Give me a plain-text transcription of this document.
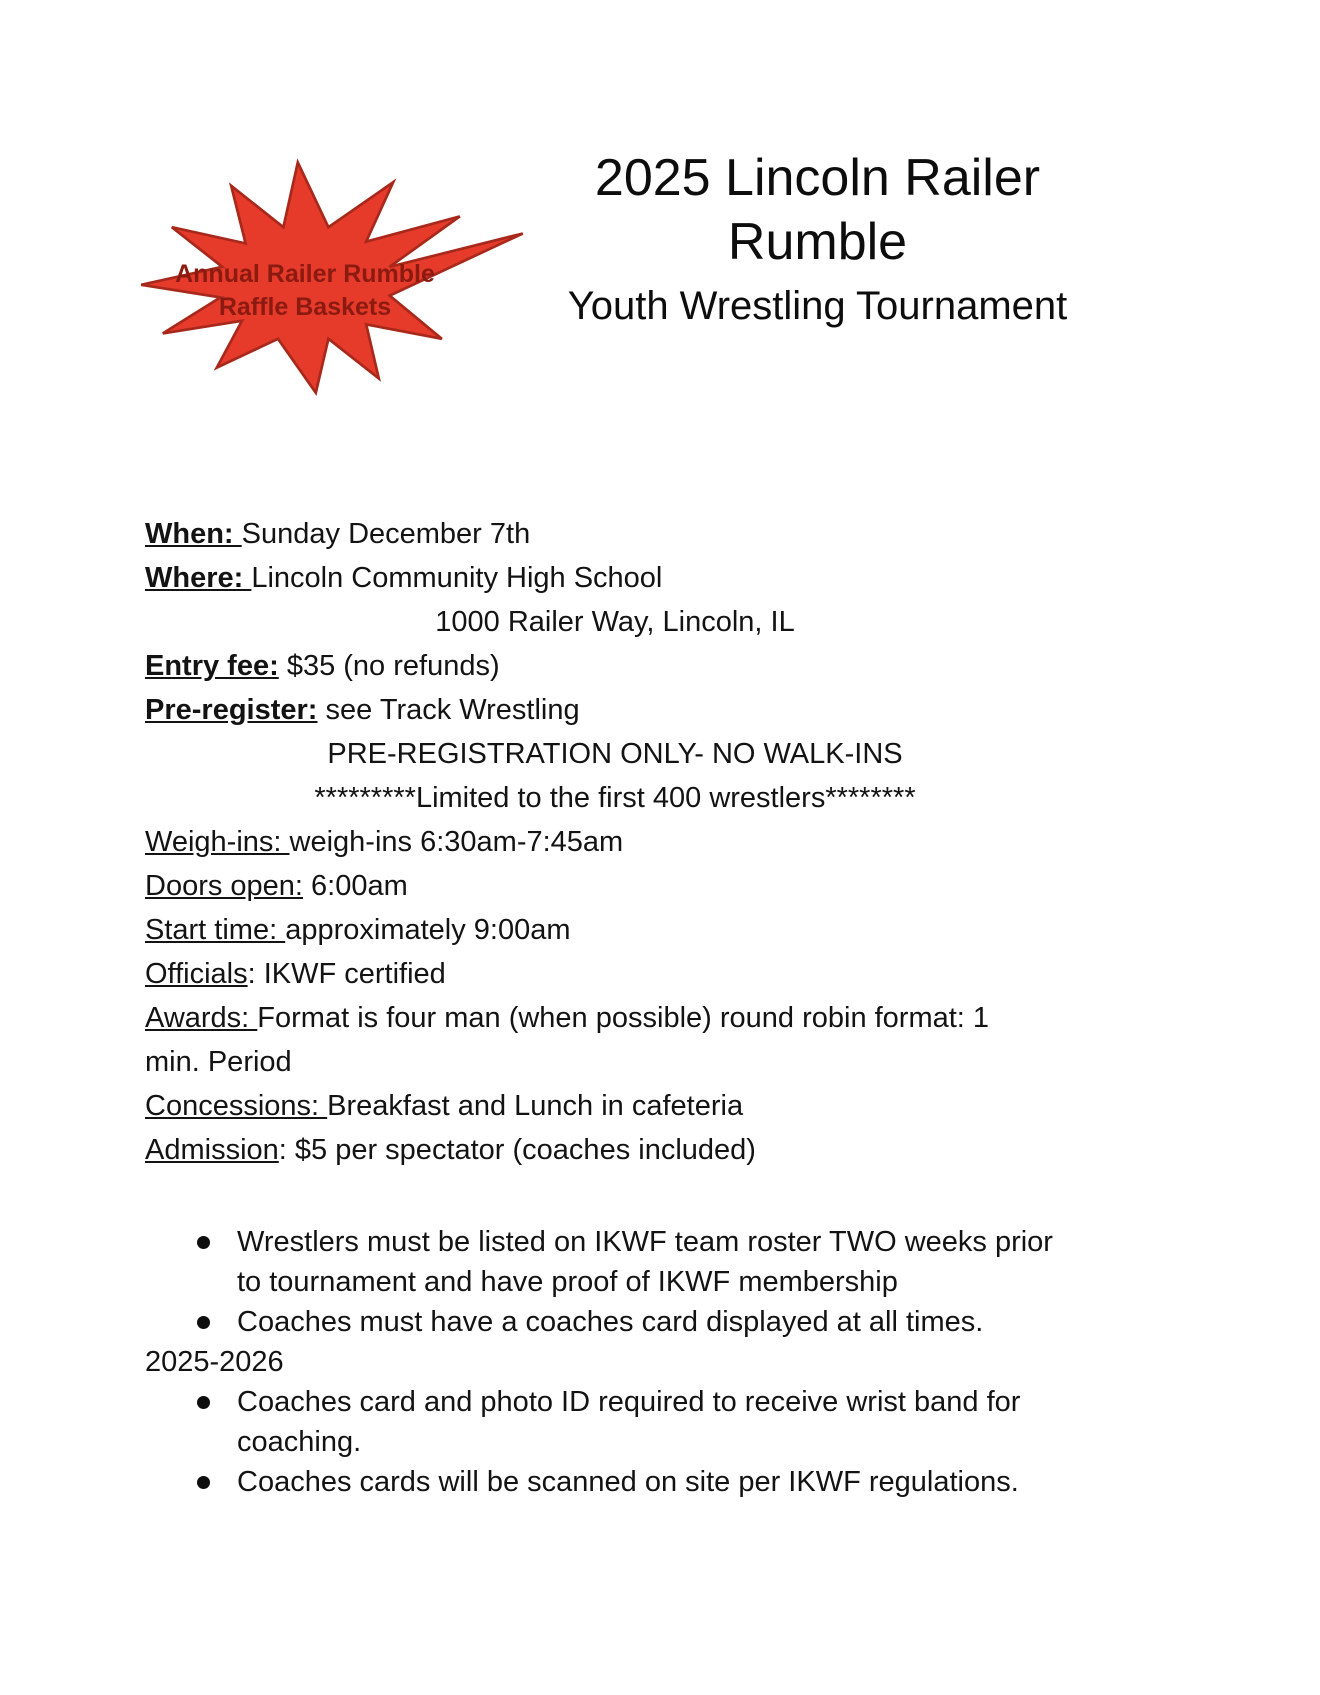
Annual Railer Rumble
Raffle Baskets
2025 Lincoln Railer
Rumble
Youth Wrestling Tournament
When: Sunday December 7th
Where: Lincoln Community High School
1000 Railer Way, Lincoln, IL
Entry fee: $35 (no refunds)
Pre-register: see Track Wrestling
PRE-REGISTRATION ONLY- NO WALK-INS
*********Limited to the first 400 wrestlers********
Weigh-ins: weigh-ins 6:30am-7:45am
Doors open: 6:00am
Start time: approximately 9:00am
Officials: IKWF certified
Awards: Format is four man (when possible) round robin format: 1 min. Period
Concessions: Breakfast and Lunch in cafeteria
Admission: $5 per spectator (coaches included)
Wrestlers must be listed on IKWF team roster TWO weeks prior to tournament and have proof of IKWF membership
Coaches must have a coaches card displayed at all times.
2025-2026
Coaches card and photo ID required to receive wrist band for coaching.
Coaches cards will be scanned on site per IKWF regulations.
